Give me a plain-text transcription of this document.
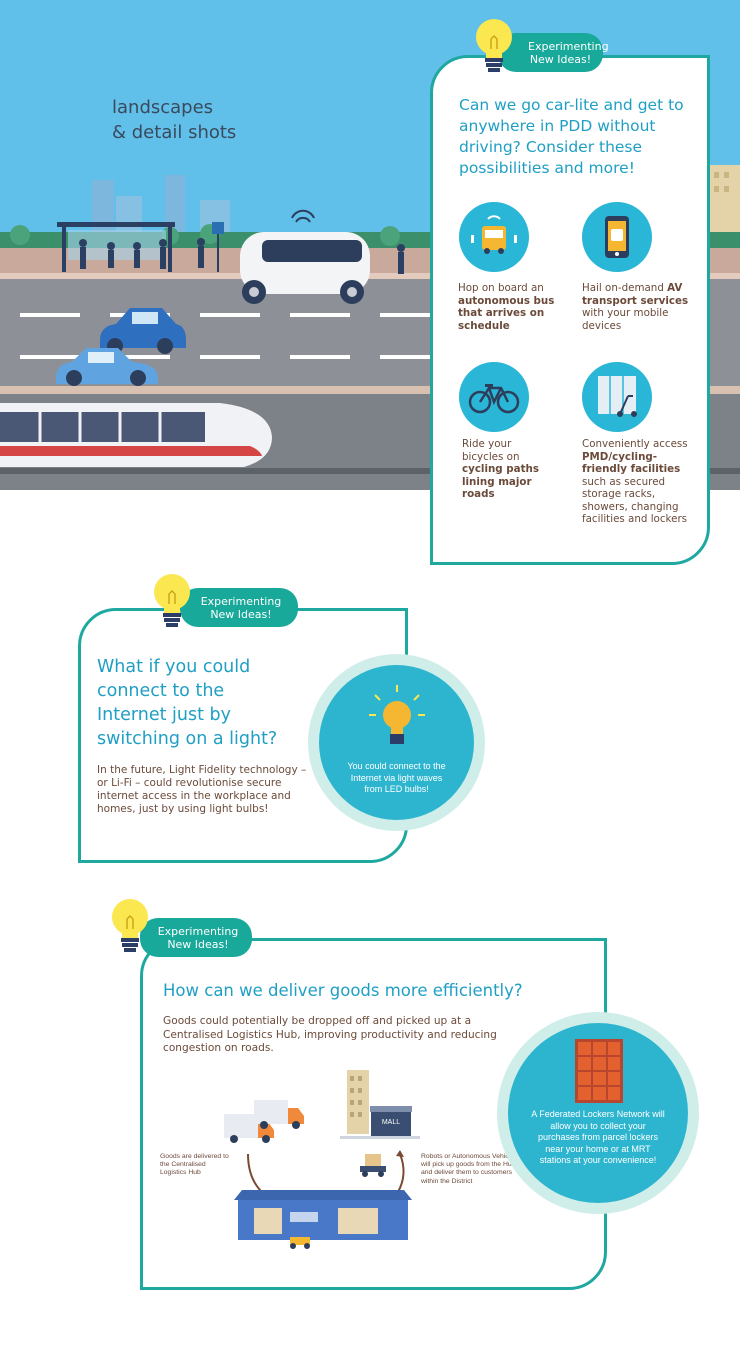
landscapes
& detail shots
Experimenting
New Ideas!
Can we go car-lite and get to anywhere in PDD without driving? Consider these possibilities and more!
Hop on board an autonomous bus that arrives on schedule
Hail on-demand AV transport services with your mobile devices
Ride your bicycles on cycling paths lining major roads
Conveniently access PMD/cycling-friendly facilities such as secured storage racks, showers, changing facilities and lockers
Experimenting
New Ideas!
What if you could
connect to the
Internet just by
switching on a light?
In the future, Light Fidelity technology – or Li-Fi – could revolutionise secure internet access in the workplace and homes, just by using light bulbs!
You could connect to the Internet via light waves from LED bulbs!
Experimenting
New Ideas!
How can we deliver goods more efficiently?
Goods could potentially be dropped off and picked up at a Centralised Logistics Hub, improving productivity and reducing congestion on roads.
MALL
Goods are delivered to the Centralised Logistics Hub
Robots or Autonomous Vehicles will pick up goods from the Hub and deliver them to customers within the District
A Federated Lockers Network will allow you to collect your purchases from parcel lockers near your home or at MRT stations at your convenience!
